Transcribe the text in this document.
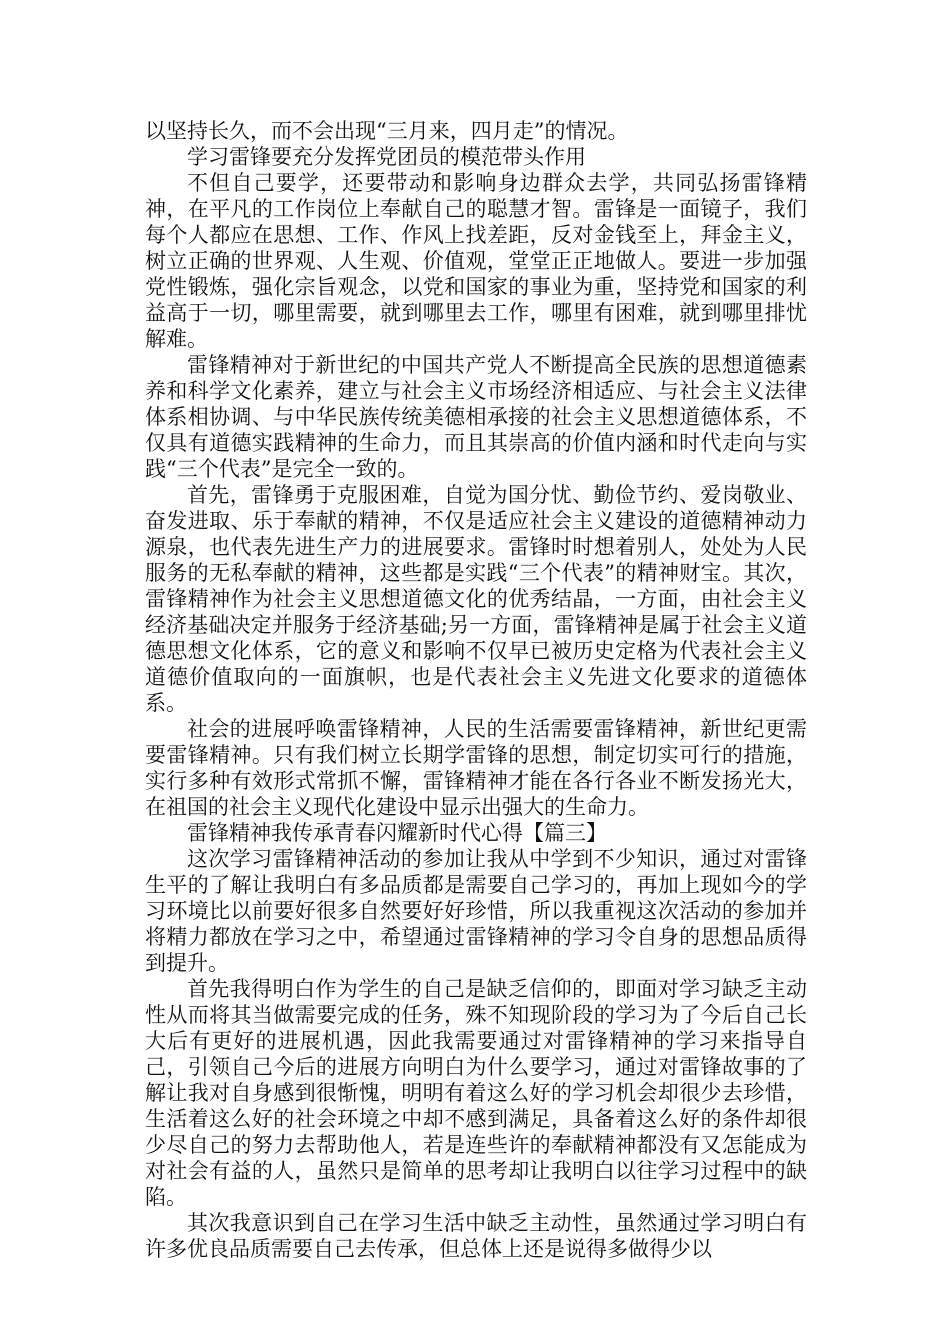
以坚持长久，而不会出现“三月来，四月走”的情况。

学习雷锋要充分发挥党团员的模范带头作用

不但自己要学，还要带动和影响身边群众去学，共同弘扬雷锋精神，在平凡的工作岗位上奉献自己的聪慧才智。雷锋是一面镜子，我们每个人都应在思想、工作、作风上找差距，反对金钱至上，拜金主义，树立正确的世界观、人生观、价值观，堂堂正正地做人。要进一步加强党性锻炼，强化宗旨观念，以党和国家的事业为重，坚持党和国家的利益高于一切，哪里需要，就到哪里去工作，哪里有困难，就到哪里排忧解难。

雷锋精神对于新世纪的中国共产党人不断提高全民族的思想道德素养和科学文化素养，建立与社会主义市场经济相适应、与社会主义法律体系相协调、与中华民族传统美德相承接的社会主义思想道德体系，不仅具有道德实践精神的生命力，而且其崇高的价值内涵和时代走向与实践“三个代表”是完全一致的。

首先，雷锋勇于克服困难，自觉为国分忧、勤俭节约、爱岗敬业、奋发进取、乐于奉献的精神，不仅是适应社会主义建设的道德精神动力源泉，也代表先进生产力的进展要求。雷锋时时想着别人，处处为人民服务的无私奉献的精神，这些都是实践“三个代表”的精神财宝。其次，雷锋精神作为社会主义思想道德文化的优秀结晶，一方面，由社会主义经济基础决定并服务于经济基础;另一方面，雷锋精神是属于社会主义道德思想文化体系，它的意义和影响不仅早已被历史定格为代表社会主义道德价值取向的一面旗帜，也是代表社会主义先进文化要求的道德体系。

社会的进展呼唤雷锋精神，人民的生活需要雷锋精神，新世纪更需要雷锋精神。只有我们树立长期学雷锋的思想，制定切实可行的措施，实行多种有效形式常抓不懈，雷锋精神才能在各行各业不断发扬光大，在祖国的社会主义现代化建设中显示出强大的生命力。

雷锋精神我传承青春闪耀新时代心得【篇三】

这次学习雷锋精神活动的参加让我从中学到不少知识，通过对雷锋生平的了解让我明白有多品质都是需要自己学习的，再加上现如今的学习环境比以前要好很多自然要好好珍惜，所以我重视这次活动的参加并将精力都放在学习之中，希望通过雷锋精神的学习令自身的思想品质得到提升。

首先我得明白作为学生的自己是缺乏信仰的，即面对学习缺乏主动性从而将其当做需要完成的任务，殊不知现阶段的学习为了今后自己长大后有更好的进展机遇，因此我需要通过对雷锋精神的学习来指导自己，引领自己今后的进展方向明白为什么要学习，通过对雷锋故事的了解让我对自身感到很惭愧，明明有着这么好的学习机会却很少去珍惜，生活着这么好的社会环境之中却不感到满足，具备着这么好的条件却很少尽自己的努力去帮助他人，若是连些许的奉献精神都没有又怎能成为对社会有益的人，虽然只是简单的思考却让我明白以往学习过程中的缺陷。

其次我意识到自己在学习生活中缺乏主动性，虽然通过学习明白有许多优良品质需要自己去传承，但总体上还是说得多做得少以
